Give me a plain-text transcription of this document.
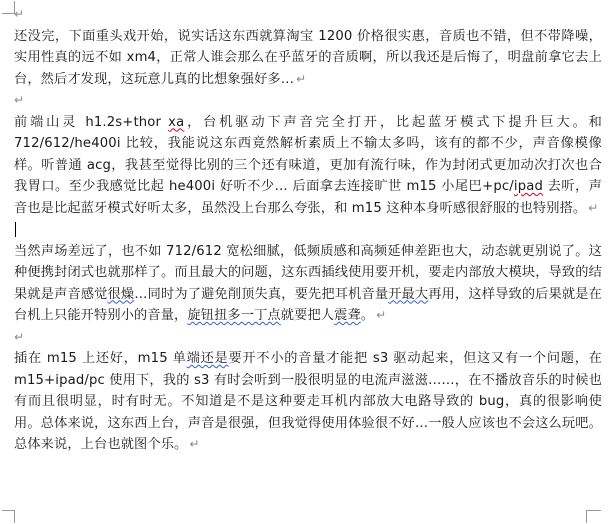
↵

还没完，下面重头戏开始，说实话这东西就算淘宝 1200 价格很实惠，音质也不错，但不带降噪，实用性真的远不如 xm4，正常人谁会那么在乎蓝牙的音质啊，所以我还是后悔了，明盘前拿它去上台，然后才发现，这玩意儿真的比想象强好多… ↵

↵

前端山灵 h1.2s+thor xa，台机驱动下声音完全打开，比起蓝牙模式下提升巨大。和 712/612/he400i 比较，我能说这东西竟然解析素质上不输太多吗，该有的都不少，声音像模像样。听普通 acg，我甚至觉得比别的三个还有味道，更加有流行味，作为封闭式更加动次打次也合我胃口。至少我感觉比起 he400i 好听不少… 后面拿去连接旷世 m15 小尾巴+pc/ipad 去听，声音也是比起蓝牙模式好听太多，虽然没上台那么夸张，和 m15 这种本身听感很舒服的也特别搭。 ↵

当然声场差远了，也不如 712/612 宽松细腻，低频质感和高频延伸差距也大，动态就更别说了。这种便携封闭式也就那样了。而且最大的问题，这东西插线使用要开机，要走内部放大模块，导致的结果就是声音感觉很燥…同时为了避免削顶失真，要先把耳机音量开最大再用，这样导致的后果就是在台机上只能开特别小的音量，旋钮扭多一丁点就要把人震聋。 ↵

↵

插在 m15 上还好，m15 单端还是要开不小的音量才能把 s3 驱动起来，但这又有一个问题，在 m15+ipad/pc 使用下，我的 s3 有时会听到一股很明显的电流声滋滋……，在不播放音乐的时候也有而且很明显，时有时无。不知道是不是这种要走耳机内部放大电路导致的 bug，真的很影响使用。总体来说，这东西上台，声音是很强，但我觉得使用体验很不好…一般人应该也不会这么玩吧。总体来说，上台也就图个乐。 ↵
